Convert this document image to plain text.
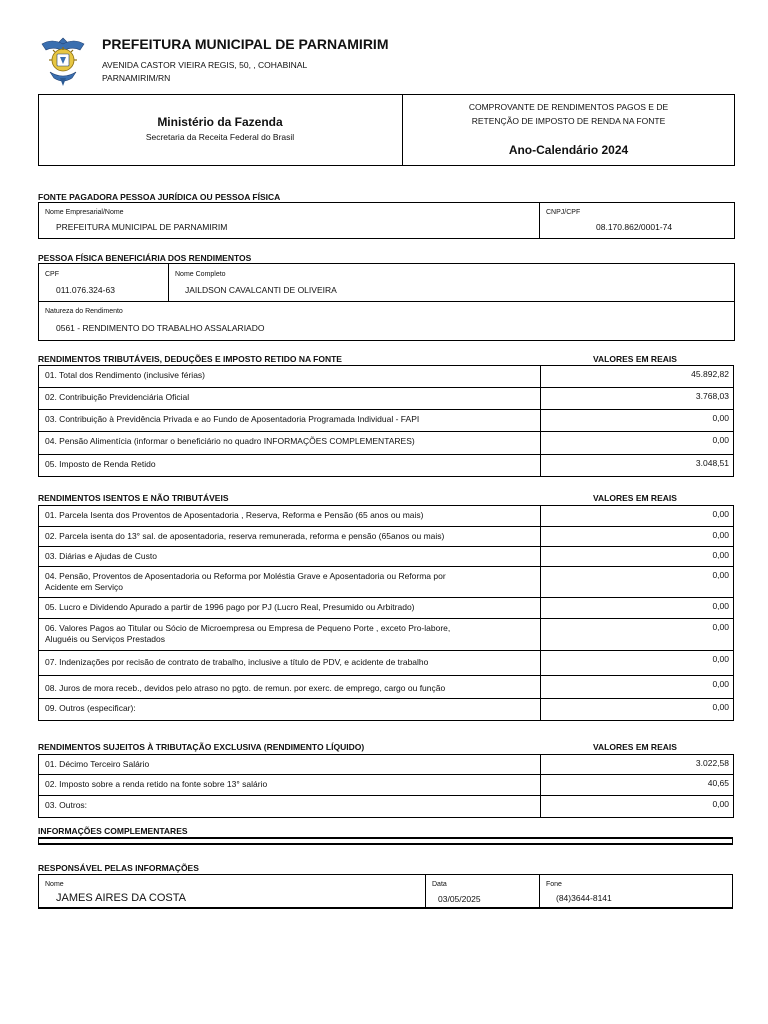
PREFEITURA MUNICIPAL DE PARNAMIRIM
AVENIDA CASTOR VIEIRA REGIS, 50, , COHABINAL
PARNAMIRIM/RN
Ministério da Fazenda
Secretaria da Receita Federal do Brasil
COMPROVANTE DE RENDIMENTOS PAGOS E DE
RETENÇÃO DE IMPOSTO DE RENDA NA FONTE
Ano-Calendário 2024
FONTE PAGADORA PESSOA JURÍDICA OU PESSOA FÍSICA
Nome Empresarial/Nome
PREFEITURA MUNICIPAL DE PARNAMIRIM
CNPJ/CPF
08.170.862/0001-74
PESSOA FÍSICA BENEFICIÁRIA DOS RENDIMENTOS
CPF
011.076.324-63
Nome Completo
JAILDSON CAVALCANTI DE OLIVEIRA
Natureza do Rendimento
0561 - RENDIMENTO DO TRABALHO ASSALARIADO
RENDIMENTOS TRIBUTÁVEIS, DEDUÇÕES E IMPOSTO RETIDO NA FONTE	VALORES EM REAIS
01. Total dos Rendimento (inclusive férias)	45.892,82
02. Contribuição Previdenciária Oficial	3.768,03
03. Contribuição à Previdência Privada e ao Fundo de Aposentadoria Programada Individual - FAPI	0,00
04. Pensão Alimentícia (informar o beneficiário no quadro INFORMAÇÕES COMPLEMENTARES)	0,00
05. Imposto de Renda Retido	3.048,51
RENDIMENTOS ISENTOS E NÃO TRIBUTÁVEIS	VALORES EM REAIS
01. Parcela Isenta dos Proventos de Aposentadoria , Reserva, Reforma e Pensão (65 anos ou mais)	0,00
02. Parcela isenta do 13° sal. de aposentadoria, reserva remunerada, reforma e pensão (65anos ou mais)	0,00
03. Diárias e Ajudas de Custo	0,00
04. Pensão, Proventos de Aposentadoria ou Reforma por Moléstia Grave e Aposentadoria ou Reforma por
Acidente em Serviço	0,00
05. Lucro e Dividendo Apurado a partir de 1996 pago por PJ (Lucro Real, Presumido ou Arbitrado)	0,00
06. Valores Pagos ao Titular ou Sócio de Microempresa ou Empresa de Pequeno Porte , exceto Pro-labore,
Aluguéis ou Serviços Prestados	0,00
07. Indenizações por recisão de contrato de trabalho, inclusive a título de PDV, e acidente de trabalho	0,00
08. Juros de mora receb., devidos pelo atraso no pgto. de remun. por exerc. de emprego, cargo ou função	0,00
09. Outros (especificar):	0,00
RENDIMENTOS SUJEITOS À TRIBUTAÇÃO EXCLUSIVA (RENDIMENTO LÍQUIDO)	VALORES EM REAIS
01. Décimo Terceiro Salário	3.022,58
02. Imposto sobre a renda retido na fonte sobre 13° salário	40,65
03. Outros:	0,00
INFORMAÇÕES COMPLEMENTARES
RESPONSÁVEL PELAS INFORMAÇÕES
Nome
JAMES AIRES DA COSTA
Data
03/05/2025
Fone
(84)3644-8141
